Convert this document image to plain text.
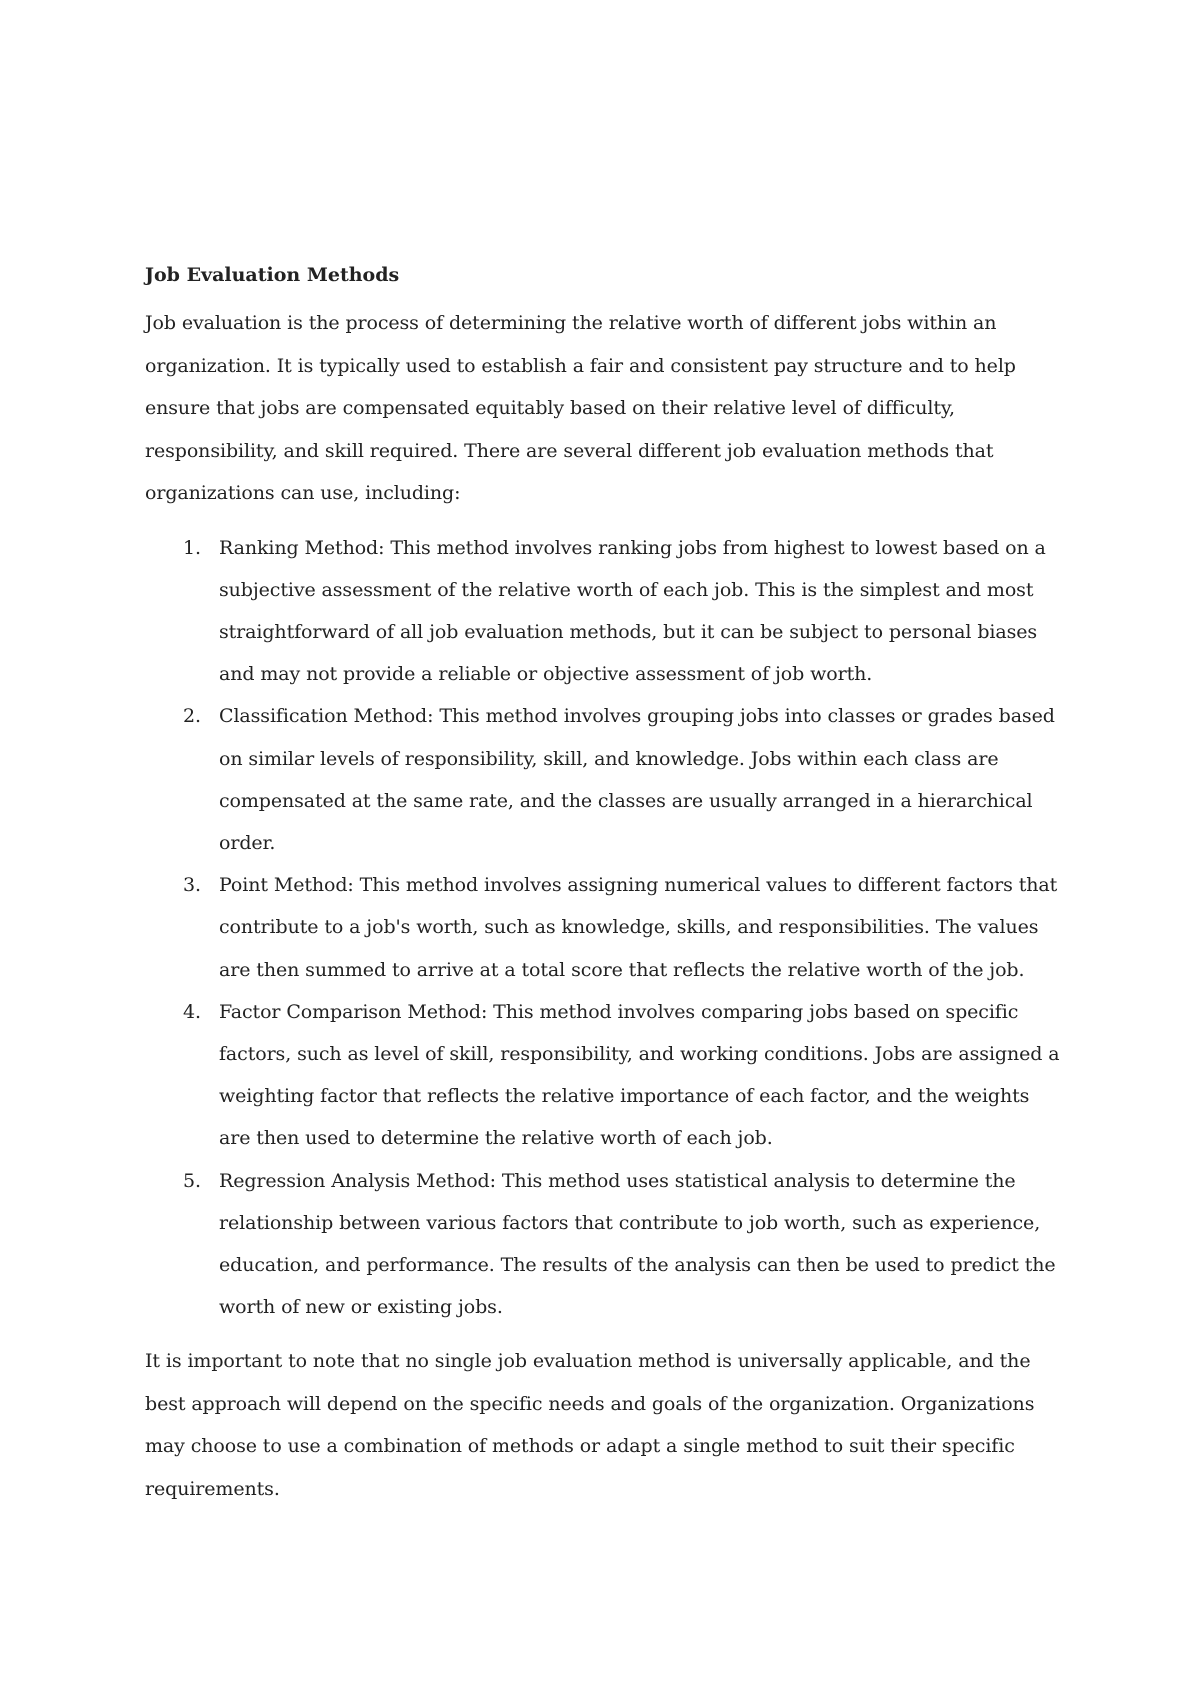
Job Evaluation Methods

Job evaluation is the process of determining the relative worth of different jobs within an organization. It is typically used to establish a fair and consistent pay structure and to help ensure that jobs are compensated equitably based on their relative level of difficulty, responsibility, and skill required. There are several different job evaluation methods that organizations can use, including:

1. Ranking Method: This method involves ranking jobs from highest to lowest based on a subjective assessment of the relative worth of each job. This is the simplest and most straightforward of all job evaluation methods, but it can be subject to personal biases and may not provide a reliable or objective assessment of job worth.
2. Classification Method: This method involves grouping jobs into classes or grades based on similar levels of responsibility, skill, and knowledge. Jobs within each class are compensated at the same rate, and the classes are usually arranged in a hierarchical order.
3. Point Method: This method involves assigning numerical values to different factors that contribute to a job's worth, such as knowledge, skills, and responsibilities. The values are then summed to arrive at a total score that reflects the relative worth of the job.
4. Factor Comparison Method: This method involves comparing jobs based on specific factors, such as level of skill, responsibility, and working conditions. Jobs are assigned a weighting factor that reflects the relative importance of each factor, and the weights are then used to determine the relative worth of each job.
5. Regression Analysis Method: This method uses statistical analysis to determine the relationship between various factors that contribute to job worth, such as experience, education, and performance. The results of the analysis can then be used to predict the worth of new or existing jobs.

It is important to note that no single job evaluation method is universally applicable, and the best approach will depend on the specific needs and goals of the organization. Organizations may choose to use a combination of methods or adapt a single method to suit their specific requirements.
